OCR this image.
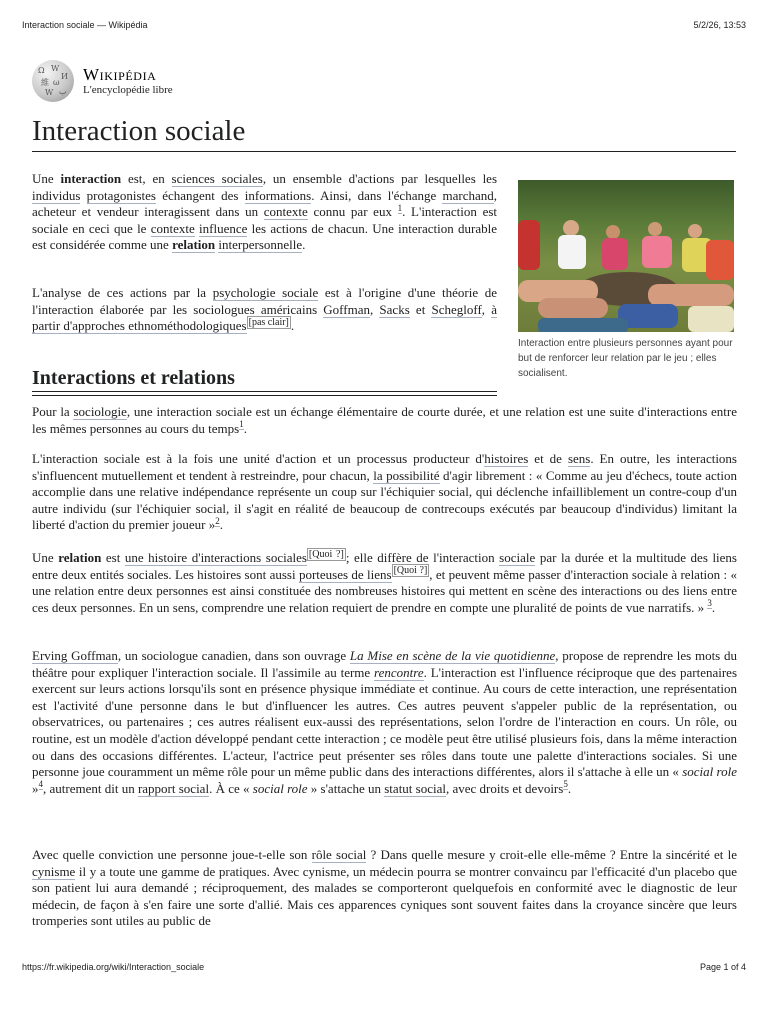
Interaction sociale — Wikipédia	5/2/26, 13:53
Ω W
И
維 ω
W ب
Wikipédia
L'encyclopédie libre
Interaction sociale

Une interaction est, en sciences sociales, un ensemble d'actions par lesquelles les individus protagonistes échangent des informations. Ainsi, dans l'échange marchand, acheteur et vendeur interagissent dans un contexte connu par eux $^1$. L'interaction est sociale en ceci que le contexte influence les actions de chacun. Une interaction durable est considérée comme une relation interpersonnelle.

L'analyse de ces actions par la psychologie sociale est à l'origine d'une théorie de l'interaction élaborée par les sociologues américains Goffman, Sacks et Schegloff, à partir d'approches ethnométhodologiques [pas clair] .

Interaction entre plusieurs personnes ayant pour but de renforcer leur relation par le jeu ; elles socialisent.
Interactions et relations

Pour la sociologie, une interaction sociale est un échange élémentaire de courte durée, et une relation est une suite d'interactions entre les mêmes personnes au cours du temps$^1$.

L'interaction sociale est à la fois une unité d'action et un processus producteur d'histoires et de sens. En outre, les interactions s'influencent mutuellement et tendent à restreindre, pour chacun, la possibilité d'agir librement : « Comme au jeu d'échecs, toute action accomplie dans une relative indépendance représente un coup sur l'échiquier social, qui déclenche infailliblement un contre-coup d'un autre individu (sur l'échiquier social, il s'agit en réalité de beaucoup de contrecoups exécutés par beaucoup d'individus) limitant la liberté d'action du premier joueur »$^2$.

Une relation est une histoire d'interactions sociales [Quoi ?] ; elle diffère de l'interaction sociale par la durée et la multitude des liens entre deux entités sociales. Les histoires sont aussi porteuses de liens [Quoi ?] , et peuvent même passer d'interaction sociale à relation : « une relation entre deux personnes est ainsi constituée des nombreuses histoires qui mettent en scène des interactions ou des liens entre ces deux personnes. En un sens, comprendre une relation requiert de prendre en compte une pluralité de points de vue narratifs. » $^3$.

Erving Goffman, un sociologue canadien, dans son ouvrage La Mise en scène de la vie quotidienne, propose de reprendre les mots du théâtre pour expliquer l'interaction sociale. Il l'assimile au terme rencontre. L'interaction est l'influence réciproque que des partenaires exercent sur leurs actions lorsqu'ils sont en présence physique immédiate et continue. Au cours de cette interaction, une représentation est l'activité d'une personne dans le but d'influencer les autres. Ces autres peuvent s'appeler public de la représentation, ou observatrices, ou partenaires ; ces autres réalisent eux-aussi des représentations, selon l'ordre de l'interaction en cours. Un rôle, ou routine, est un modèle d'action développé pendant cette interaction ; ce modèle peut être utilisé plusieurs fois, dans la même interaction ou dans des occasions différentes. L'acteur, l'actrice peut présenter ses rôles dans toute une palette d'interactions sociales. Si une personne joue couramment un même rôle pour un même public dans des interactions différentes, alors il s'attache à elle un « social role »$^4$, autrement dit un rapport social. À ce « social role » s'attache un statut social, avec droits et devoirs$^5$.

Avec quelle conviction une personne joue-t-elle son rôle social ? Dans quelle mesure y croit-elle elle-même ? Entre la sincérité et le cynisme il y a toute une gamme de pratiques. Avec cynisme, un médecin pourra se montrer convaincu par l'efficacité d'un placebo que son patient lui aura demandé ; réciproquement, des malades se comporteront quelquefois en conformité avec le diagnostic de leur médecin, de façon à s'en faire une sorte d'allié. Mais ces apparences cyniques sont souvent faites dans la croyance sincère que leurs tromperies sont utiles au public de

https://fr.wikipedia.org/wiki/Interaction_sociale	Page 1 of 4
